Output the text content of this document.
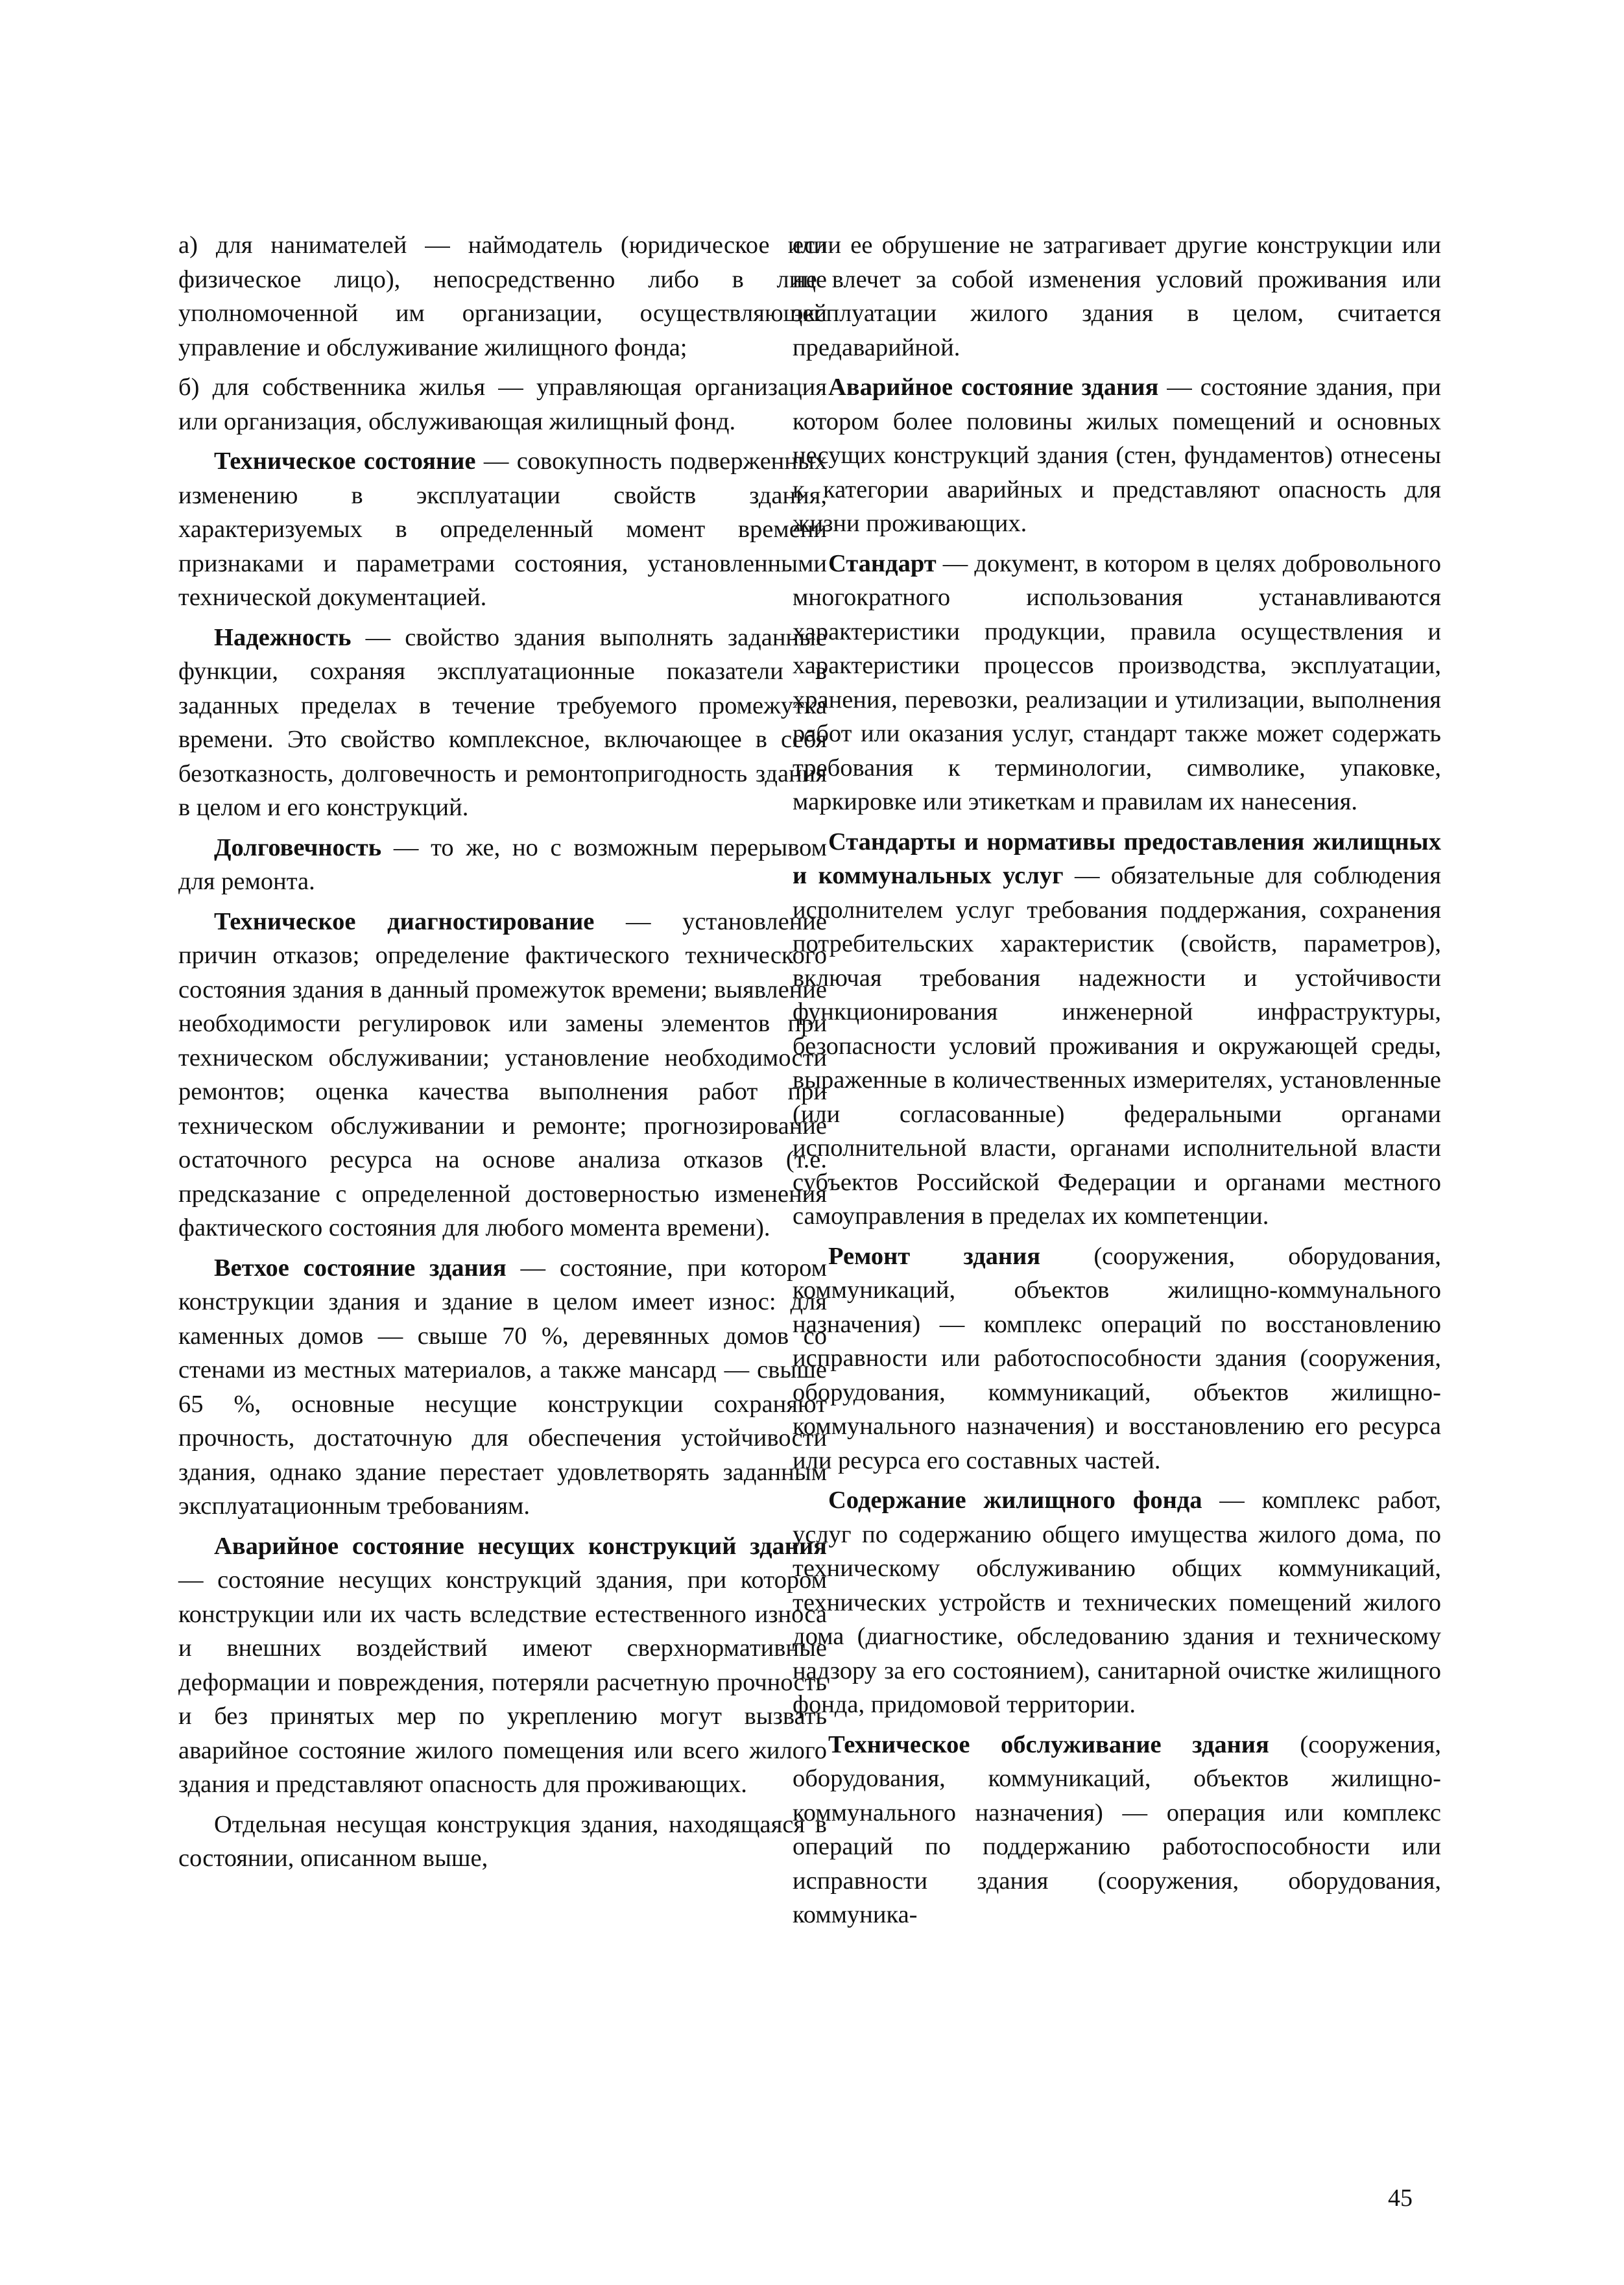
а) для нанимателей — наймодатель (юридическое или физическое лицо), непосредственно либо в лице уполномоченной им организации, осуществляющей управление и обслуживание жилищного фонда;

б) для собственника жилья — управляющая организация или организация, обслуживающая жилищный фонд.

Техническое состояние — совокупность подверженных изменению в эксплуатации свойств здания, характеризуемых в определенный момент времени признаками и параметрами состояния, установленными технической документацией.

Надежность — свойство здания выполнять заданные функции, сохраняя эксплуатационные показатели в заданных пределах в течение требуемого промежутка времени. Это свойство комплексное, включающее в себя безотказность, долговечность и ремонтопригодность здания в целом и его конструкций.

Долговечность — то же, но с возможным перерывом для ремонта.

Техническое диагностирование — установление причин отказов; определение фактического технического состояния здания в данный промежуток времени; выявление необходимости регулировок или замены элементов при техническом обслуживании; установление необходимости ремонтов; оценка качества выполнения работ при техническом обслуживании и ремонте; прогнозирование остаточного ресурса на основе анализа отказов (т.е. предсказание с определенной достоверностью изменения фактического состояния для любого момента времени).

Ветхое состояние здания — состояние, при котором конструкции здания и здание в целом имеет износ: для каменных домов — свыше 70 %, деревянных домов со стенами из местных материалов, а также мансард — свыше 65 %, основные несущие конструкции сохраняют прочность, достаточную для обеспечения устойчивости здания, однако здание перестает удовлетворять заданным эксплуатационным требованиям.

Аварийное состояние несущих конструкций здания — состояние несущих конструкций здания, при котором конструкции или их часть вследствие естественного износа и внешних воздействий имеют сверхнормативные деформации и повреждения, потеряли расчетную прочность и без принятых мер по укреплению могут вызвать аварийное состояние жилого помещения или всего жилого здания и представляют опасность для проживающих.

Отдельная несущая конструкция здания, находящаяся в состоянии, описанном выше,

если ее обрушение не затрагивает другие конструкции или не влечет за собой изменения условий проживания или эксплуатации жилого здания в целом, считается предаварийной.

Аварийное состояние здания — состояние здания, при котором более половины жилых помещений и основных несущих конструкций здания (стен, фундаментов) отнесены к категории аварийных и представляют опасность для жизни проживающих.

Стандарт — документ, в котором в целях добровольного многократного использования устанавливаются характеристики продукции, правила осуществления и характеристики процессов производства, эксплуатации, хранения, перевозки, реализации и утилизации, выполнения работ или оказания услуг, стандарт также может содержать требования к терминологии, символике, упаковке, маркировке или этикеткам и правилам их нанесения.

Стандарты и нормативы предоставления жилищных и коммунальных услуг — обязательные для соблюдения исполнителем услуг требования поддержания, сохранения потребительских характеристик (свойств, параметров), включая требования надежности и устойчивости функционирования инженерной инфраструктуры, безопасности условий проживания и окружающей среды, выраженные в количественных измерителях, установленные (или согласованные) федеральными органами исполнительной власти, органами исполнительной власти субъектов Российской Федерации и органами местного самоуправления в пределах их компетенции.

Ремонт здания (сооружения, оборудования, коммуникаций, объектов жилищно-коммунального назначения) — комплекс операций по восстановлению исправности или работоспособности здания (сооружения, оборудования, коммуникаций, объектов жилищно-коммунального назначения) и восстановлению его ресурса или ресурса его составных частей.

Содержание жилищного фонда — комплекс работ, услуг по содержанию общего имущества жилого дома, по техническому обслуживанию общих коммуникаций, технических устройств и технических помещений жилого дома (диагностике, обследованию здания и техническому надзору за его состоянием), санитарной очистке жилищного фонда, придомовой территории.

Техническое обслуживание здания (сооружения, оборудования, коммуникаций, объектов жилищно-коммунального назначения) — операция или комплекс операций по поддержанию работоспособности или исправности здания (сооружения, оборудования, коммуника-

45
